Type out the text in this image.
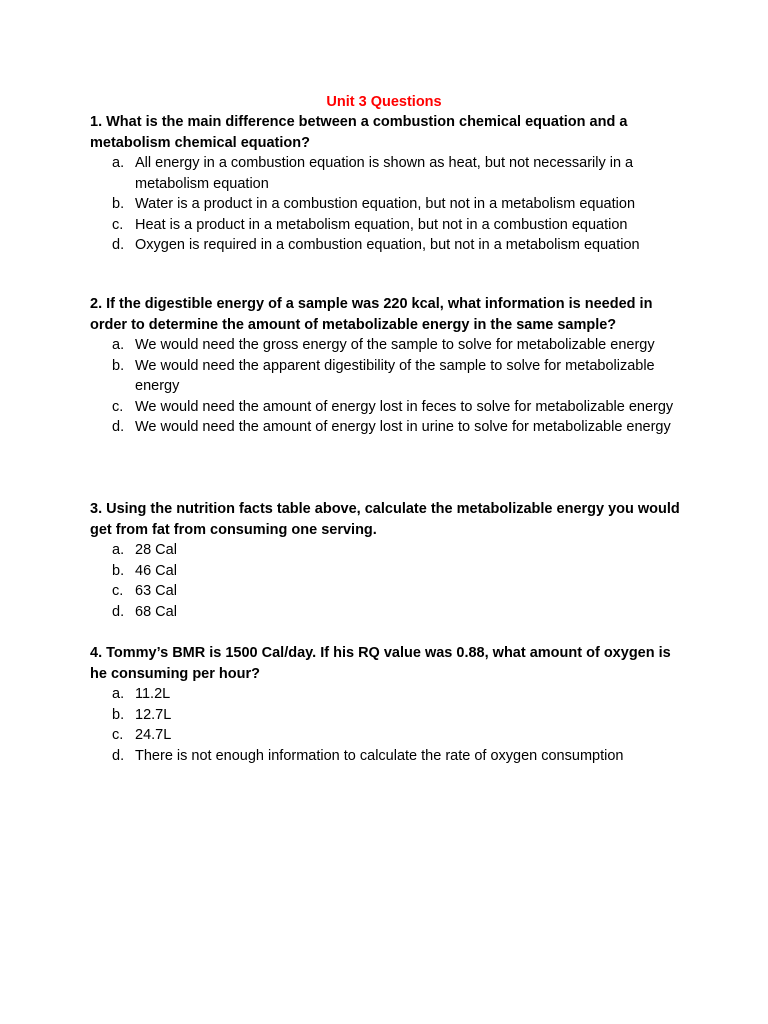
Unit 3 Questions

1. What is the main difference between a combustion chemical equation and a metabolism chemical equation?

a. All energy in a combustion equation is shown as heat, but not necessarily in a metabolism equation
b. Water is a product in a combustion equation, but not in a metabolism equation
c. Heat is a product in a metabolism equation, but not in a combustion equation
d. Oxygen is required in a combustion equation, but not in a metabolism equation

2. If the digestible energy of a sample was 220 kcal, what information is needed in order to determine the amount of metabolizable energy in the same sample?

a. We would need the gross energy of the sample to solve for metabolizable energy
b. We would need the apparent digestibility of the sample to solve for metabolizable energy
c. We would need the amount of energy lost in feces to solve for metabolizable energy
d. We would need the amount of energy lost in urine to solve for metabolizable energy

3. Using the nutrition facts table above, calculate the metabolizable energy you would get from fat from consuming one serving.

a. 28 Cal
b. 46 Cal
c. 63 Cal
d. 68 Cal

4. Tommy’s BMR is 1500 Cal/day. If his RQ value was 0.88, what amount of oxygen is he consuming per hour?

a. 11.2L
b. 12.7L
c. 24.7L
d. There is not enough information to calculate the rate of oxygen consumption
